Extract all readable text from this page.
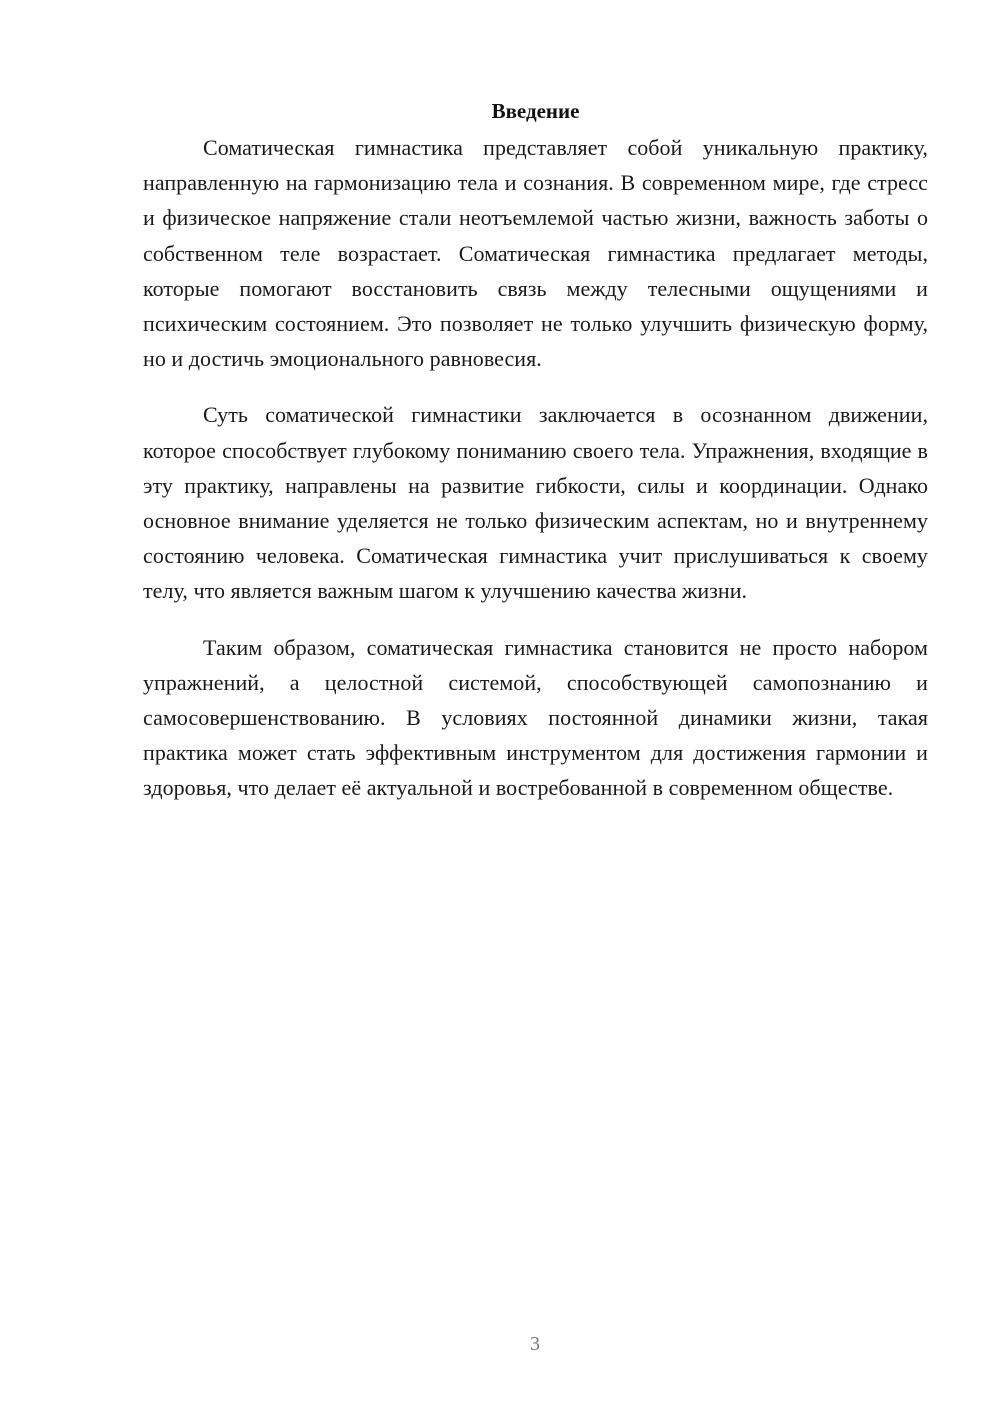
Введение

Соматическая гимнастика представляет собой уникальную практику, направленную на гармонизацию тела и сознания. В современном мире, где стресс и физическое напряжение стали неотъемлемой частью жизни, важность заботы о собственном теле возрастает. Соматическая гимнастика предлагает методы, которые помогают восстановить связь между телесными ощущениями и психическим состоянием. Это позволяет не только улучшить физическую форму, но и достичь эмоционального равновесия.

Суть соматической гимнастики заключается в осознанном движении, которое способствует глубокому пониманию своего тела. Упражнения, входящие в эту практику, направлены на развитие гибкости, силы и координации. Однако основное внимание уделяется не только физическим аспектам, но и внутреннему состоянию человека. Соматическая гимнастика учит прислушиваться к своему телу, что является важным шагом к улучшению качества жизни.

Таким образом, соматическая гимнастика становится не просто набором упражнений, а целостной системой, способствующей самопознанию и самосовершенствованию. В условиях постоянной динамики жизни, такая практика может стать эффективным инструментом для достижения гармонии и здоровья, что делает её актуальной и востребованной в современном обществе.

3
